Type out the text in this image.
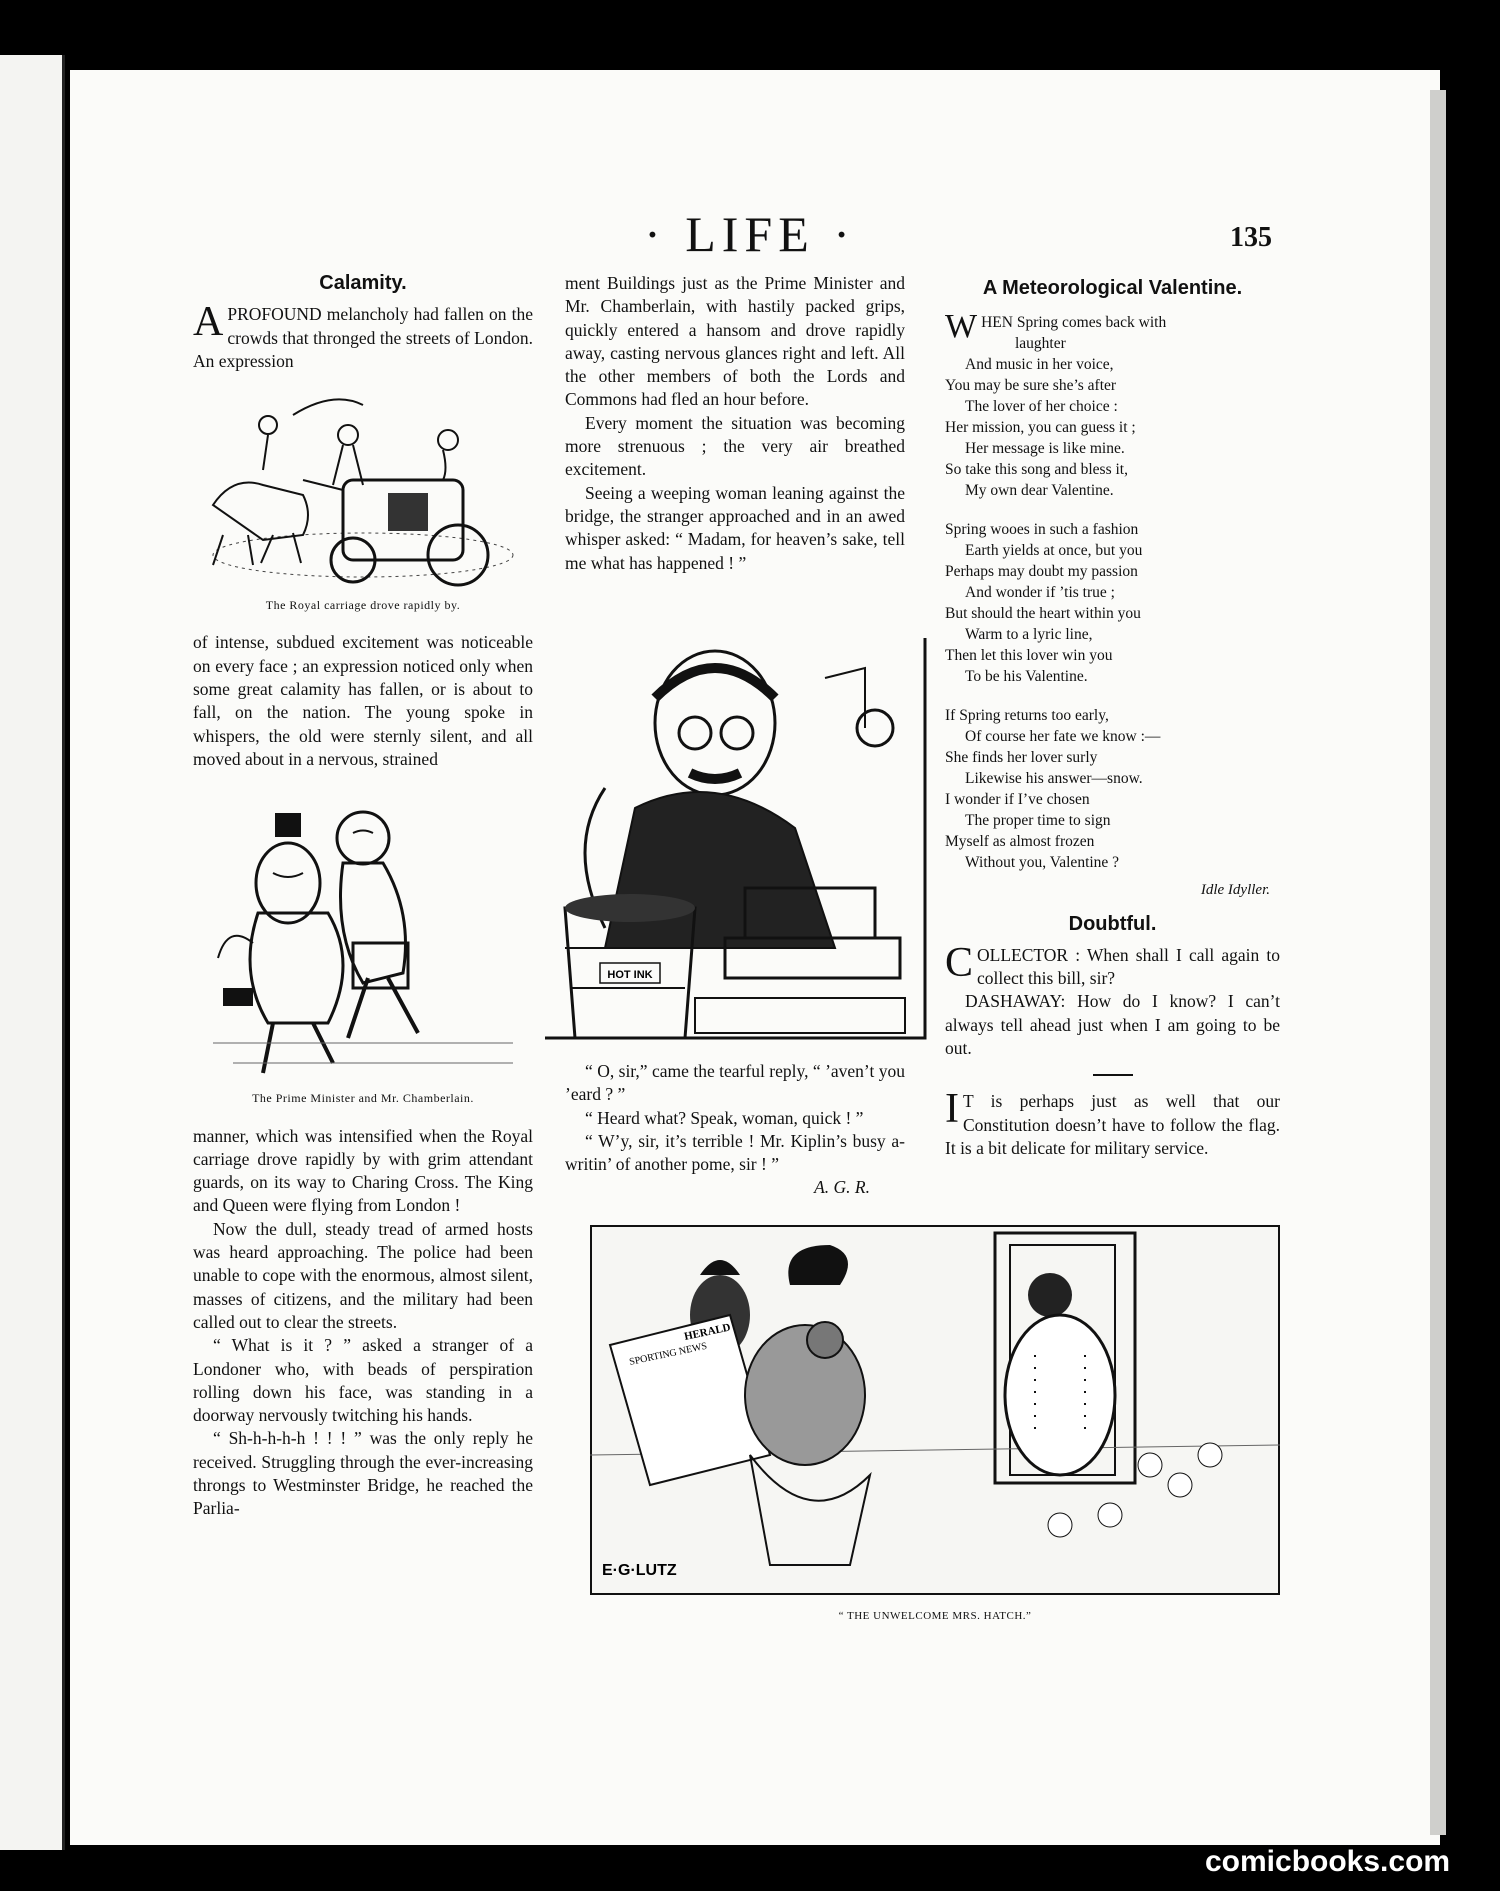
· LIFE ·	135
Calamity.

APROFOUND melancholy had fallen on the crowds that thronged the streets of London. An expression

The Royal carriage drove rapidly by.

of intense, subdued excitement was noticeable on every face ; an expression noticed only when some great calamity has fallen, or is about to fall, on the nation. The young spoke in whispers, the old were sternly silent, and all moved about in a nervous, strained

The Prime Minister and Mr. Chamberlain.

manner, which was intensified when the Royal carriage drove rapidly by with grim attendant guards, on its way to Charing Cross. The King and Queen were flying from London !

Now the dull, steady tread of armed hosts was heard approaching. The police had been unable to cope with the enormous, almost silent, masses of citizens, and the military had been called out to clear the streets.

“ What is it ? ” asked a stranger of a Londoner who, with beads of perspiration rolling down his face, was standing in a doorway nervously twitching his hands.

“ Sh-h-h-h-h ! ! ! ” was the only reply he received. Struggling through the ever-increasing throngs to Westminster Bridge, he reached the Parlia-

ment Buildings just as the Prime Minister and Mr. Chamberlain, with hastily packed grips, quickly entered a hansom and drove rapidly away, casting nervous glances right and left. All the other members of both the Lords and Commons had fled an hour before.

Every moment the situation was becoming more strenuous ; the very air breathed excitement.

Seeing a weeping woman leaning against the bridge, the stranger approached and in an awed whisper asked: “ Madam, for heaven’s sake, tell me what has happened ! ”

HOT INK

“ O, sir,” came the tearful reply, “ ’aven’t you ’eard ? ”

“ Heard what? Speak, woman, quick ! ”

“ W’y, sir, it’s terrible ! Mr. Kiplin’s busy a-writin’ of another pome, sir ! ”

A. G. R.

A Meteorological Valentine.

WHEN Spring comes back with

laughter

And music in her voice,

You may be sure she’s after

The lover of her choice :

Her mission, you can guess it ;

Her message is like mine.

So take this song and bless it,

My own dear Valentine.

Spring wooes in such a fashion

Earth yields at once, but you

Perhaps may doubt my passion

And wonder if ’tis true ;

But should the heart within you

Warm to a lyric line,

Then let this lover win you

To be his Valentine.

If Spring returns too early,

Of course her fate we know :—

She finds her lover surly

Likewise his answer—snow.

I wonder if I’ve chosen

The proper time to sign

Myself as almost frozen

Without you, Valentine ?

Idle Idyller.

Doubtful.

COLLECTOR : When shall I call again to collect this bill, sir?

DASHAWAY: How do I know? I can’t always tell ahead just when I am going to be out.

I T is perhaps just as well that our Constitution doesn’t have to follow the flag. It is a bit delicate for military service.

SPORTING NEWS
HERALD
E·G·LUTZ
“ THE UNWELCOME MRS. HATCH.”
comicbooks.com
